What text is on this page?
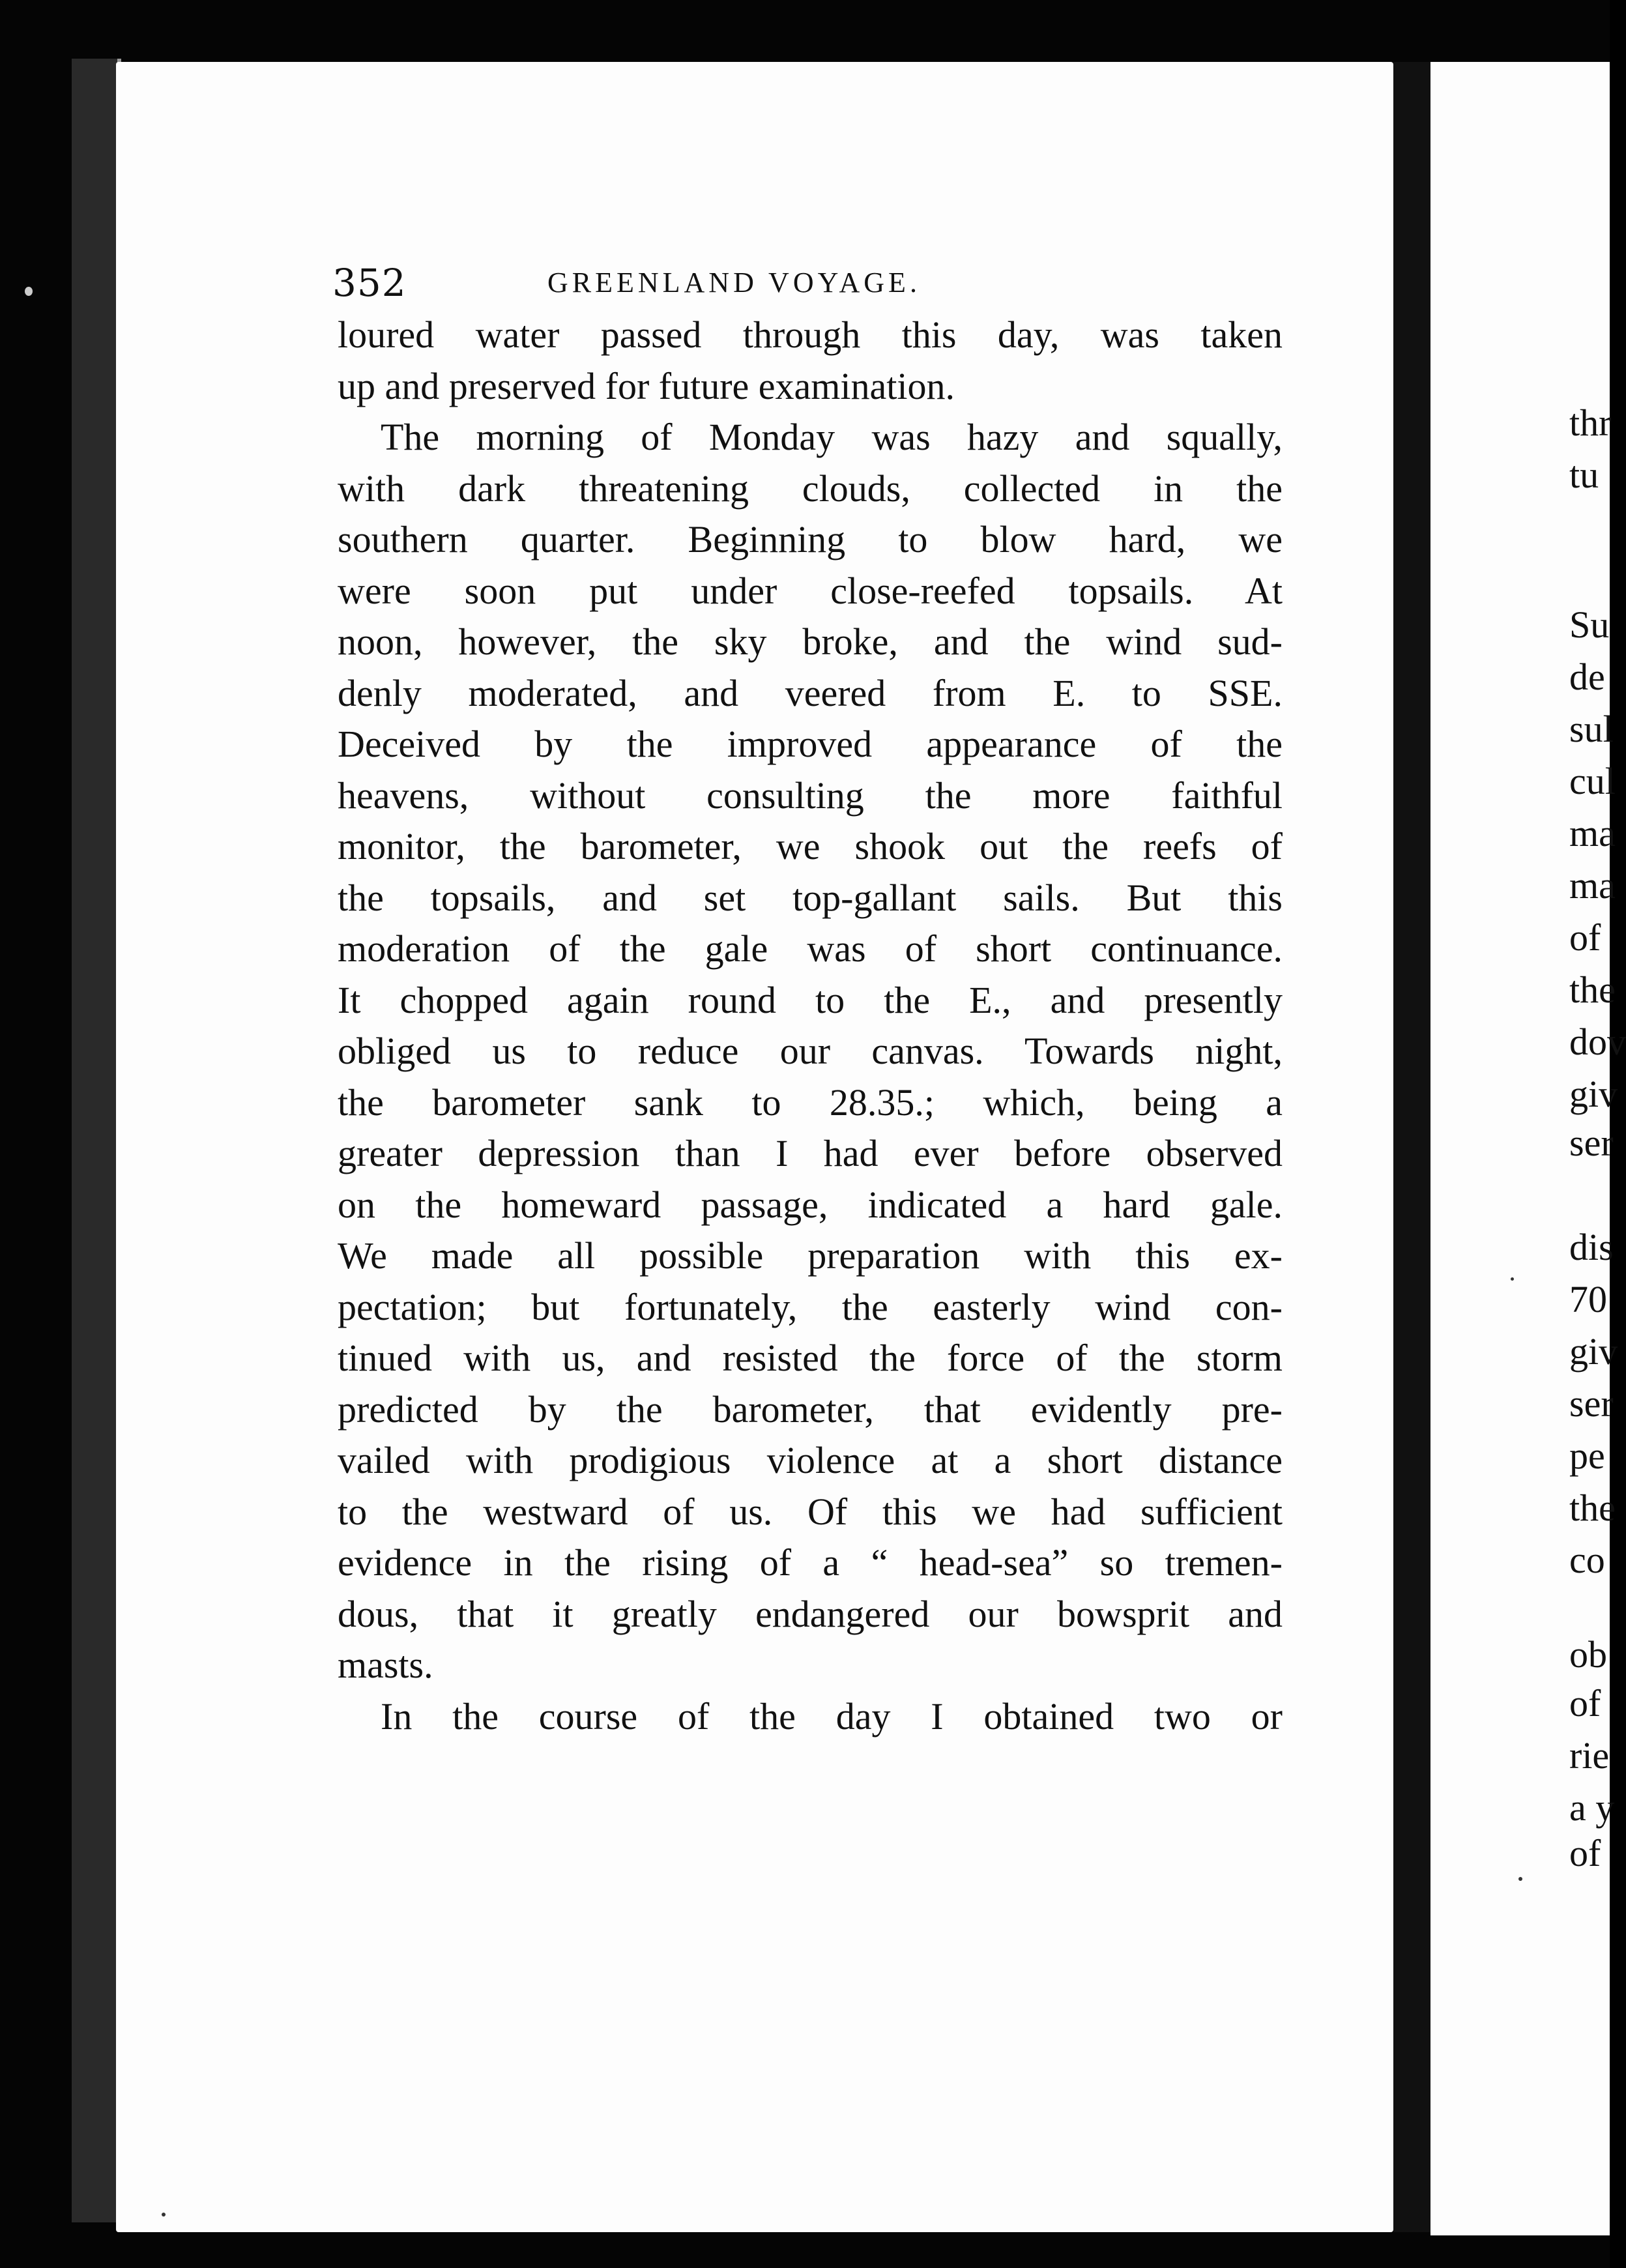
352	GREENLAND VOYAGE.
loured water passed through this day, was taken
up and preserved for future examination.
The morning of Monday was hazy and squally,
with dark threatening clouds, collected in the
southern quarter. Beginning to blow hard, we
were soon put under close-reefed topsails. At
noon, however, the sky broke, and the wind sud-
denly moderated, and veered from E. to SSE.
Deceived by the improved appearance of the
heavens, without consulting the more faithful
monitor, the barometer, we shook out the reefs of
the topsails, and set top-gallant sails. But this
moderation of the gale was of short continuance.
It chopped again round to the E., and presently
obliged us to reduce our canvas. Towards night,
the barometer sank to 28.35.; which, being a
greater depression than I had ever before observed
on the homeward passage, indicated a hard gale.
We made all possible preparation with this ex-
pectation; but fortunately, the easterly wind con-
tinued with us, and resisted the force of the storm
predicted by the barometer, that evidently pre-
vailed with prodigious violence at a short distance
to the westward of us. Of this we had sufficient
evidence in the rising of a “ head-sea” so tremen-
dous, that it greatly endangered our bowsprit and
masts.
In the course of the day I obtained two or
thr
tu
Su
de
sul
cul
ma
ma
of
the
dov
giv
ser
dis
70
giv
ser
pe
the
co
ob
of
rie
a y
of
